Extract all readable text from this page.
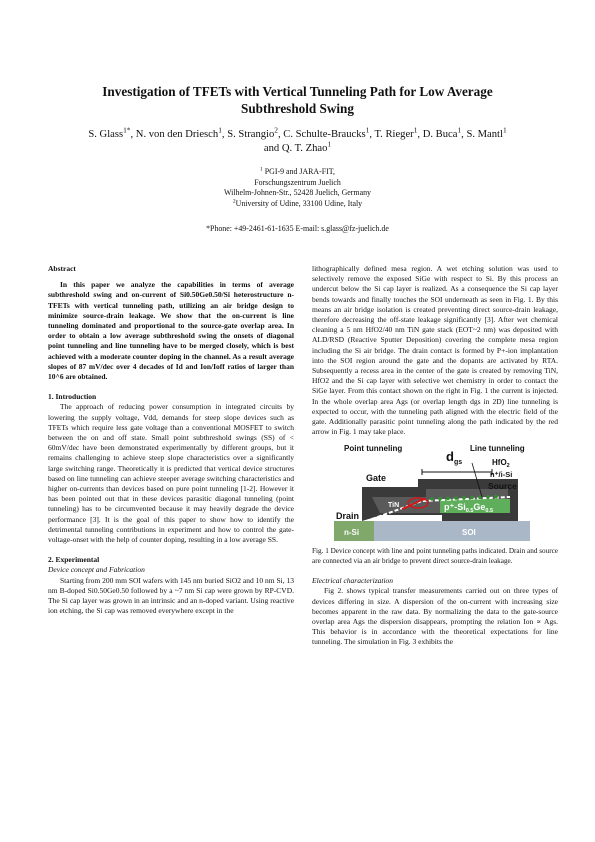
Investigation of TFETs with Vertical Tunneling Path for Low Average
Subthreshold Swing
S. Glass$^{1*}$, N. von den Driesch$^1$, S. Strangio$^2$, C. Schulte-Braucks$^1$, T. Rieger$^1$, D. Buca$^1$, S. Mantl$^1$
and Q. T. Zhao$^1$
$^1$ PGI-9 and JARA-FIT,
Forschungszentrum Juelich
Wilhelm-Johnen-Str., 52428 Juelich, Germany
$^2$University of Udine, 33100 Udine, Italy
*Phone: +49-2461-61-1635 E-mail: s.glass@fz-juelich.de

Abstract

In this paper we analyze the capabilities in terms of average subthreshold swing and on-current of Si0.50Ge0.50/Si heterostructure n-TFETs with vertical tunneling path, utilizing an air bridge design to minimize source-drain leakage. We show that the on-current is line tunneling dominated and proportional to the source-gate overlap area. In order to obtain a low average subthreshold swing the onsets of diagonal point tunneling and line tunneling have to be merged closely, which is best achieved with a moderate counter doping in the channel. As a result average slopes of 87 mV/dec over 4 decades of Id and Ion/Ioff ratios of larger than 10^6 are obtained.

1. Introduction

The approach of reducing power consumption in integrated circuits by lowering the supply voltage, Vdd, demands for steep slope devices such as TFETs which require less gate voltage than a conventional MOSFET to switch between the on and off state. Small point subthreshold swings (SS) of < 60mV/dec have been demonstrated experimentally by different groups, but it remains challenging to achieve steep slope characteristics over a significantly large switching range. Theoretically it is predicted that vertical device structures based on line tunneling can achieve steeper average switching characteristics and higher on-currents than devices based on pure point tunneling [1-2]. However it has been pointed out that in these devices parasitic diagonal tunneling (point tunneling) has to be circumvented because it may heavily degrade the device performance [3]. It is the goal of this paper to show how to identify the detrimental tunneling contributions in experiment and how to control the gate-voltage-onset with the help of counter doping, resulting in a low average SS.

2. Experimental

Device concept and Fabrication

Starting from 200 mm SOI wafers with 145 nm buried SiO2 and 10 nm Si, 13 nm B-doped Si0.50Ge0.50 followed by a ~7 nm Si cap were grown by RP-CVD. The Si cap layer was grown in an intrinsic and an n-doped variant. Using reactive ion etching, the Si cap was removed everywhere except in the

lithographically defined mesa region. A wet etching solution was used to selectively remove the exposed SiGe with respect to Si. By this process an undercut below the Si cap layer is realized. As a consequence the Si cap layer bends towards and finally touches the SOI underneath as seen in Fig. 1. By this means an air bridge isolation is created preventing direct source-drain leakage, therefore decreasing the off-state leakage significantly [3]. After wet chemical cleaning a 5 nm HfO2/40 nm TiN gate stack (EOT~2 nm) was deposited with ALD/RSD (Reactive Sputter Deposition) covering the complete mesa region including the Si air bridge. The drain contact is formed by P+-ion implantation into the SOI region around the gate and the dopants are activated by RTA. Subsequently a recess area in the center of the gate is created by removing TiN, HfO2 and the Si cap layer with selective wet chemistry in order to contact the SiGe layer. From this contact shown on the right in Fig. 1 the current is injected. In the whole overlap area Ags (or overlap length dgs in 2D) line tunneling is expected to occur, with the tunneling path aligned with the electric field of the gate. Additionally parasitic point tunneling along the path indicated by the red arrow in Fig. 1 may take place.

Point tunneling
$d_{gs}$
Line tunneling
HfO$_2$
n⁺/i-Si
Gate
TiN
Source
$p^+-Si_{0.5}Ge_{0.5}$
Drain
n-Si	SOI

Fig. 1 Device concept with line and point tunneling paths indicated. Drain and source are connected via an air bridge to prevent direct source-drain leakage.

Electrical characterization

Fig 2. shows typical transfer measurements carried out on three types of devices differing in size. A dispersion of the on-current with increasing size becomes apparent in the raw data. By normalizing the data to the gate-source overlap area Ags the dispersion disappears, prompting the relation Ion ∝ Ags. This behavior is in accordance with the theoretical expectations for line tunneling. The simulation in Fig. 3 exhibits the
